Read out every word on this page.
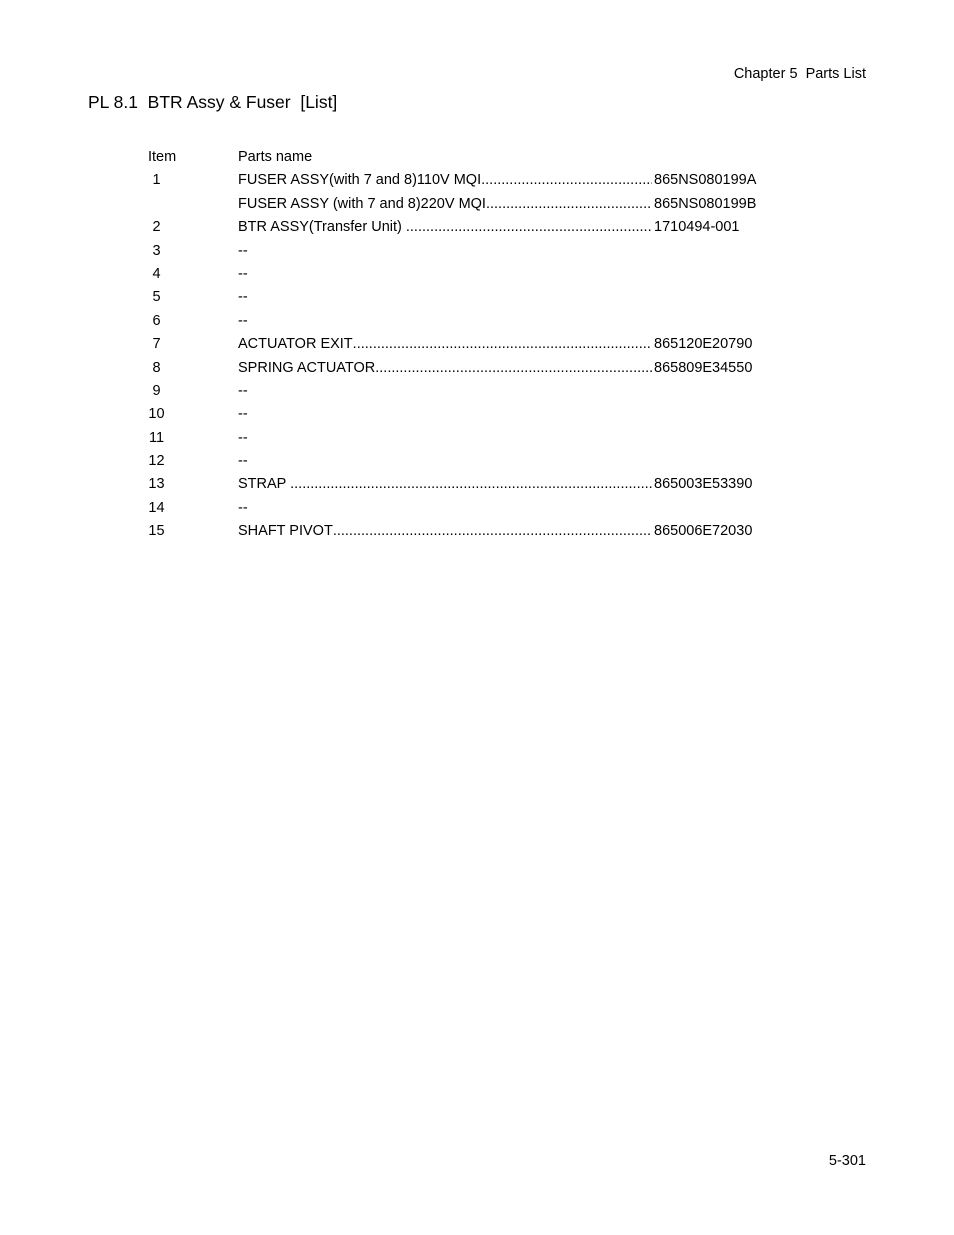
Chapter 5  Parts List
PL 8.1  BTR Assy & Fuser  [List]
Item	Parts name
1	FUSER ASSY(with 7 and 8)110V MQI .....	865NS080199A
FUSER ASSY (with 7 and 8)220V MQI .....	865NS080199B
2	BTR ASSY(Transfer Unit) .....	1710494-001
3	--
4	--
5	--
6	--
7	ACTUATOR EXIT .....	865120E20790
8	SPRING ACTUATOR .....	865809E34550
9	--
10	--
11	--
12	--
13	STRAP .....	865003E53390
14	--
15	SHAFT PIVOT .....	865006E72030
5-301
